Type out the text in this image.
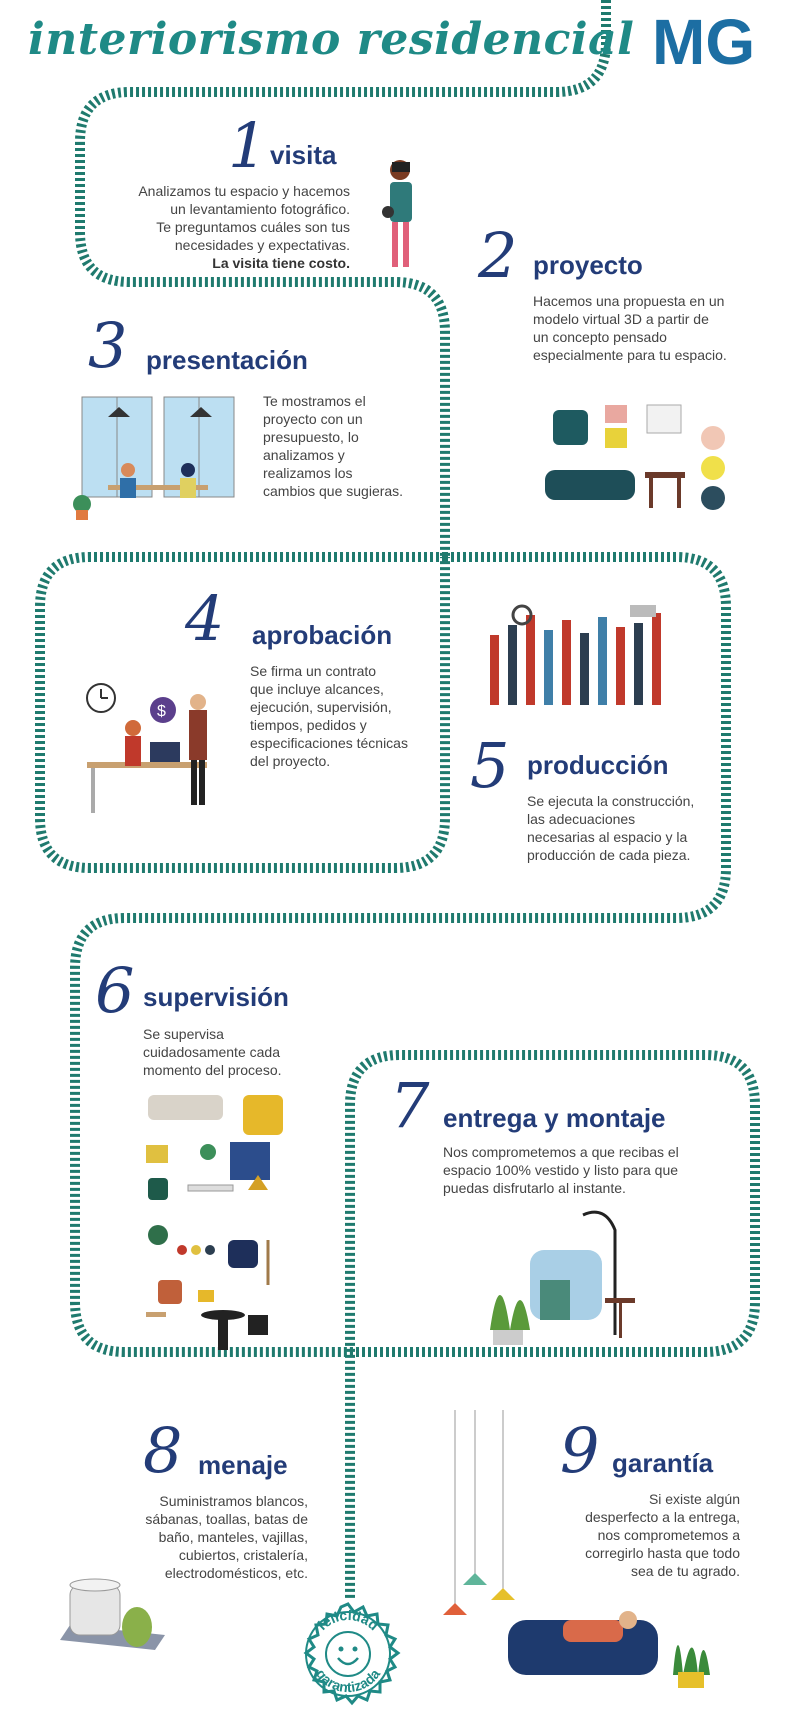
interiorismo residencial MG
1 visita
Analizamos tu espacio y hacemos
un levantamiento fotográfico.
Te preguntamos cuáles son tus
necesidades y expectativas.
La visita tiene costo. 2 proyecto
Hacemos una propuesta en un
modelo virtual 3D a partir de
un concepto pensado
especialmente para tu espacio.
3 presentación
Te mostramos el
proyecto con un
presupuesto, lo
analizamos y
realizamos los
cambios que sugieras.
4 aprobación
Se firma un contrato
que incluye alcances,
ejecución, supervisión,
tiempos, pedidos y
especificaciones técnicas
del proyecto.
$
5 producción
Se ejecuta la construcción,
las adecuaciones
necesarias al espacio y la
producción de cada pieza.
6 supervisión
Se supervisa
cuidadosamente cada
momento del proceso.	7 entrega y montaje
Nos comprometemos a que recibas el
espacio 100% vestido y listo para que
puedas disfrutarlo al instante.
8 menaje
Suministramos blancos,
sábanas, toallas, batas de
baño, manteles, vajillas,
cubiertos, cristalería,
electrodomésticos, etc.
9 garantía
Si existe algún
desperfecto a la entrega,
nos comprometemos a
corregirlo hasta que todo
sea de tu agrado.
felicidad
garantizada
